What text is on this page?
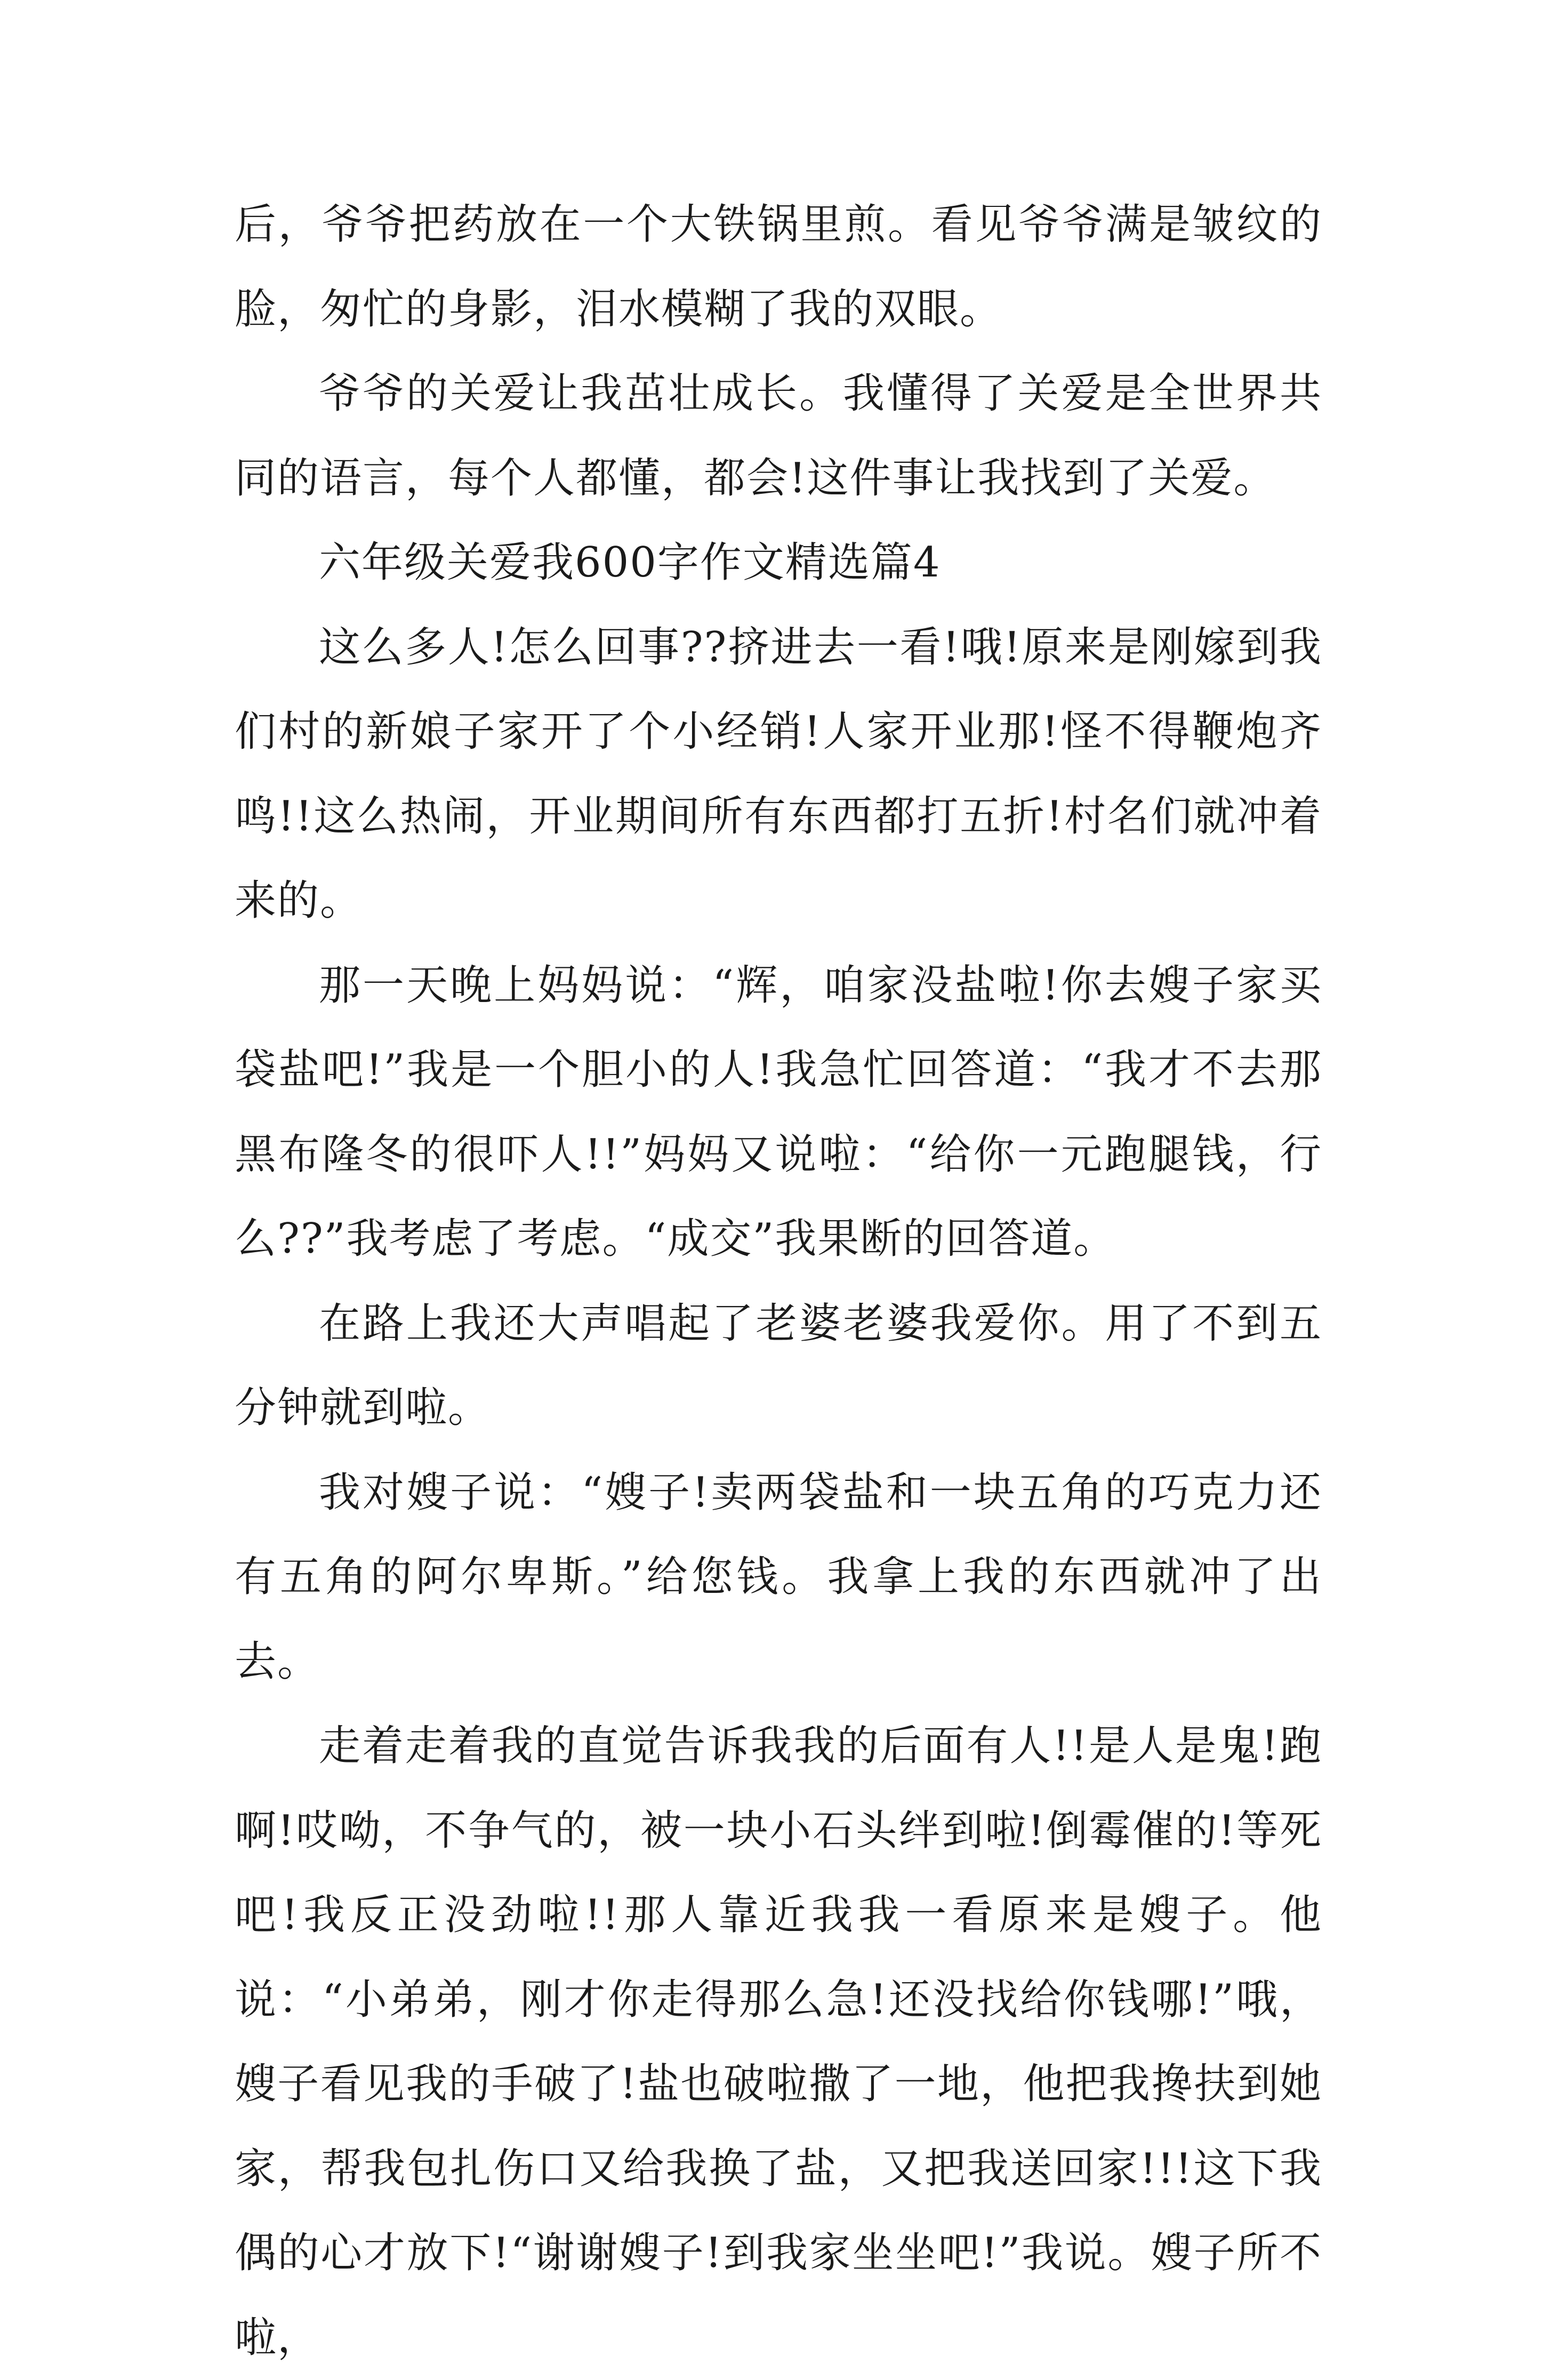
后，爷爷把药放在一个大铁锅里煎。看见爷爷满是皱纹的脸，匆忙的身影，泪水模糊了我的双眼。

爷爷的关爱让我茁壮成长。我懂得了关爱是全世界共同的语言，每个人都懂，都会!这件事让我找到了关爱。

六年级关爱我600字作文精选篇4

这么多人!怎么回事??挤进去一看!哦!原来是刚嫁到我们村的新娘子家开了个小经销!人家开业那!怪不得鞭炮齐鸣!!这么热闹，开业期间所有东西都打五折!村名们就冲着来的。

那一天晚上妈妈说：“辉，咱家没盐啦!你去嫂子家买袋盐吧!”我是一个胆小的人!我急忙回答道：“我才不去那黑布隆冬的很吓人!!”妈妈又说啦：“给你一元跑腿钱，行么??”我考虑了考虑。“成交”我果断的回答道。

在路上我还大声唱起了老婆老婆我爱你。用了不到五分钟就到啦。

我对嫂子说：“嫂子!卖两袋盐和一块五角的巧克力还有五角的阿尔卑斯。”给您钱。我拿上我的东西就冲了出去。

走着走着我的直觉告诉我我的后面有人!!是人是鬼!跑啊!哎呦，不争气的，被一块小石头绊到啦!倒霉催的!等死吧!我反正没劲啦!!那人靠近我我一看原来是嫂子。他说：“小弟弟，刚才你走得那么急!还没找给你钱哪!”哦，嫂子看见我的手破了!盐也破啦撒了一地，他把我搀扶到她家，帮我包扎伤口又给我换了盐，又把我送回家!!!这下我偶的心才放下!“谢谢嫂子!到我家坐坐吧!”我说。嫂子所不啦，
